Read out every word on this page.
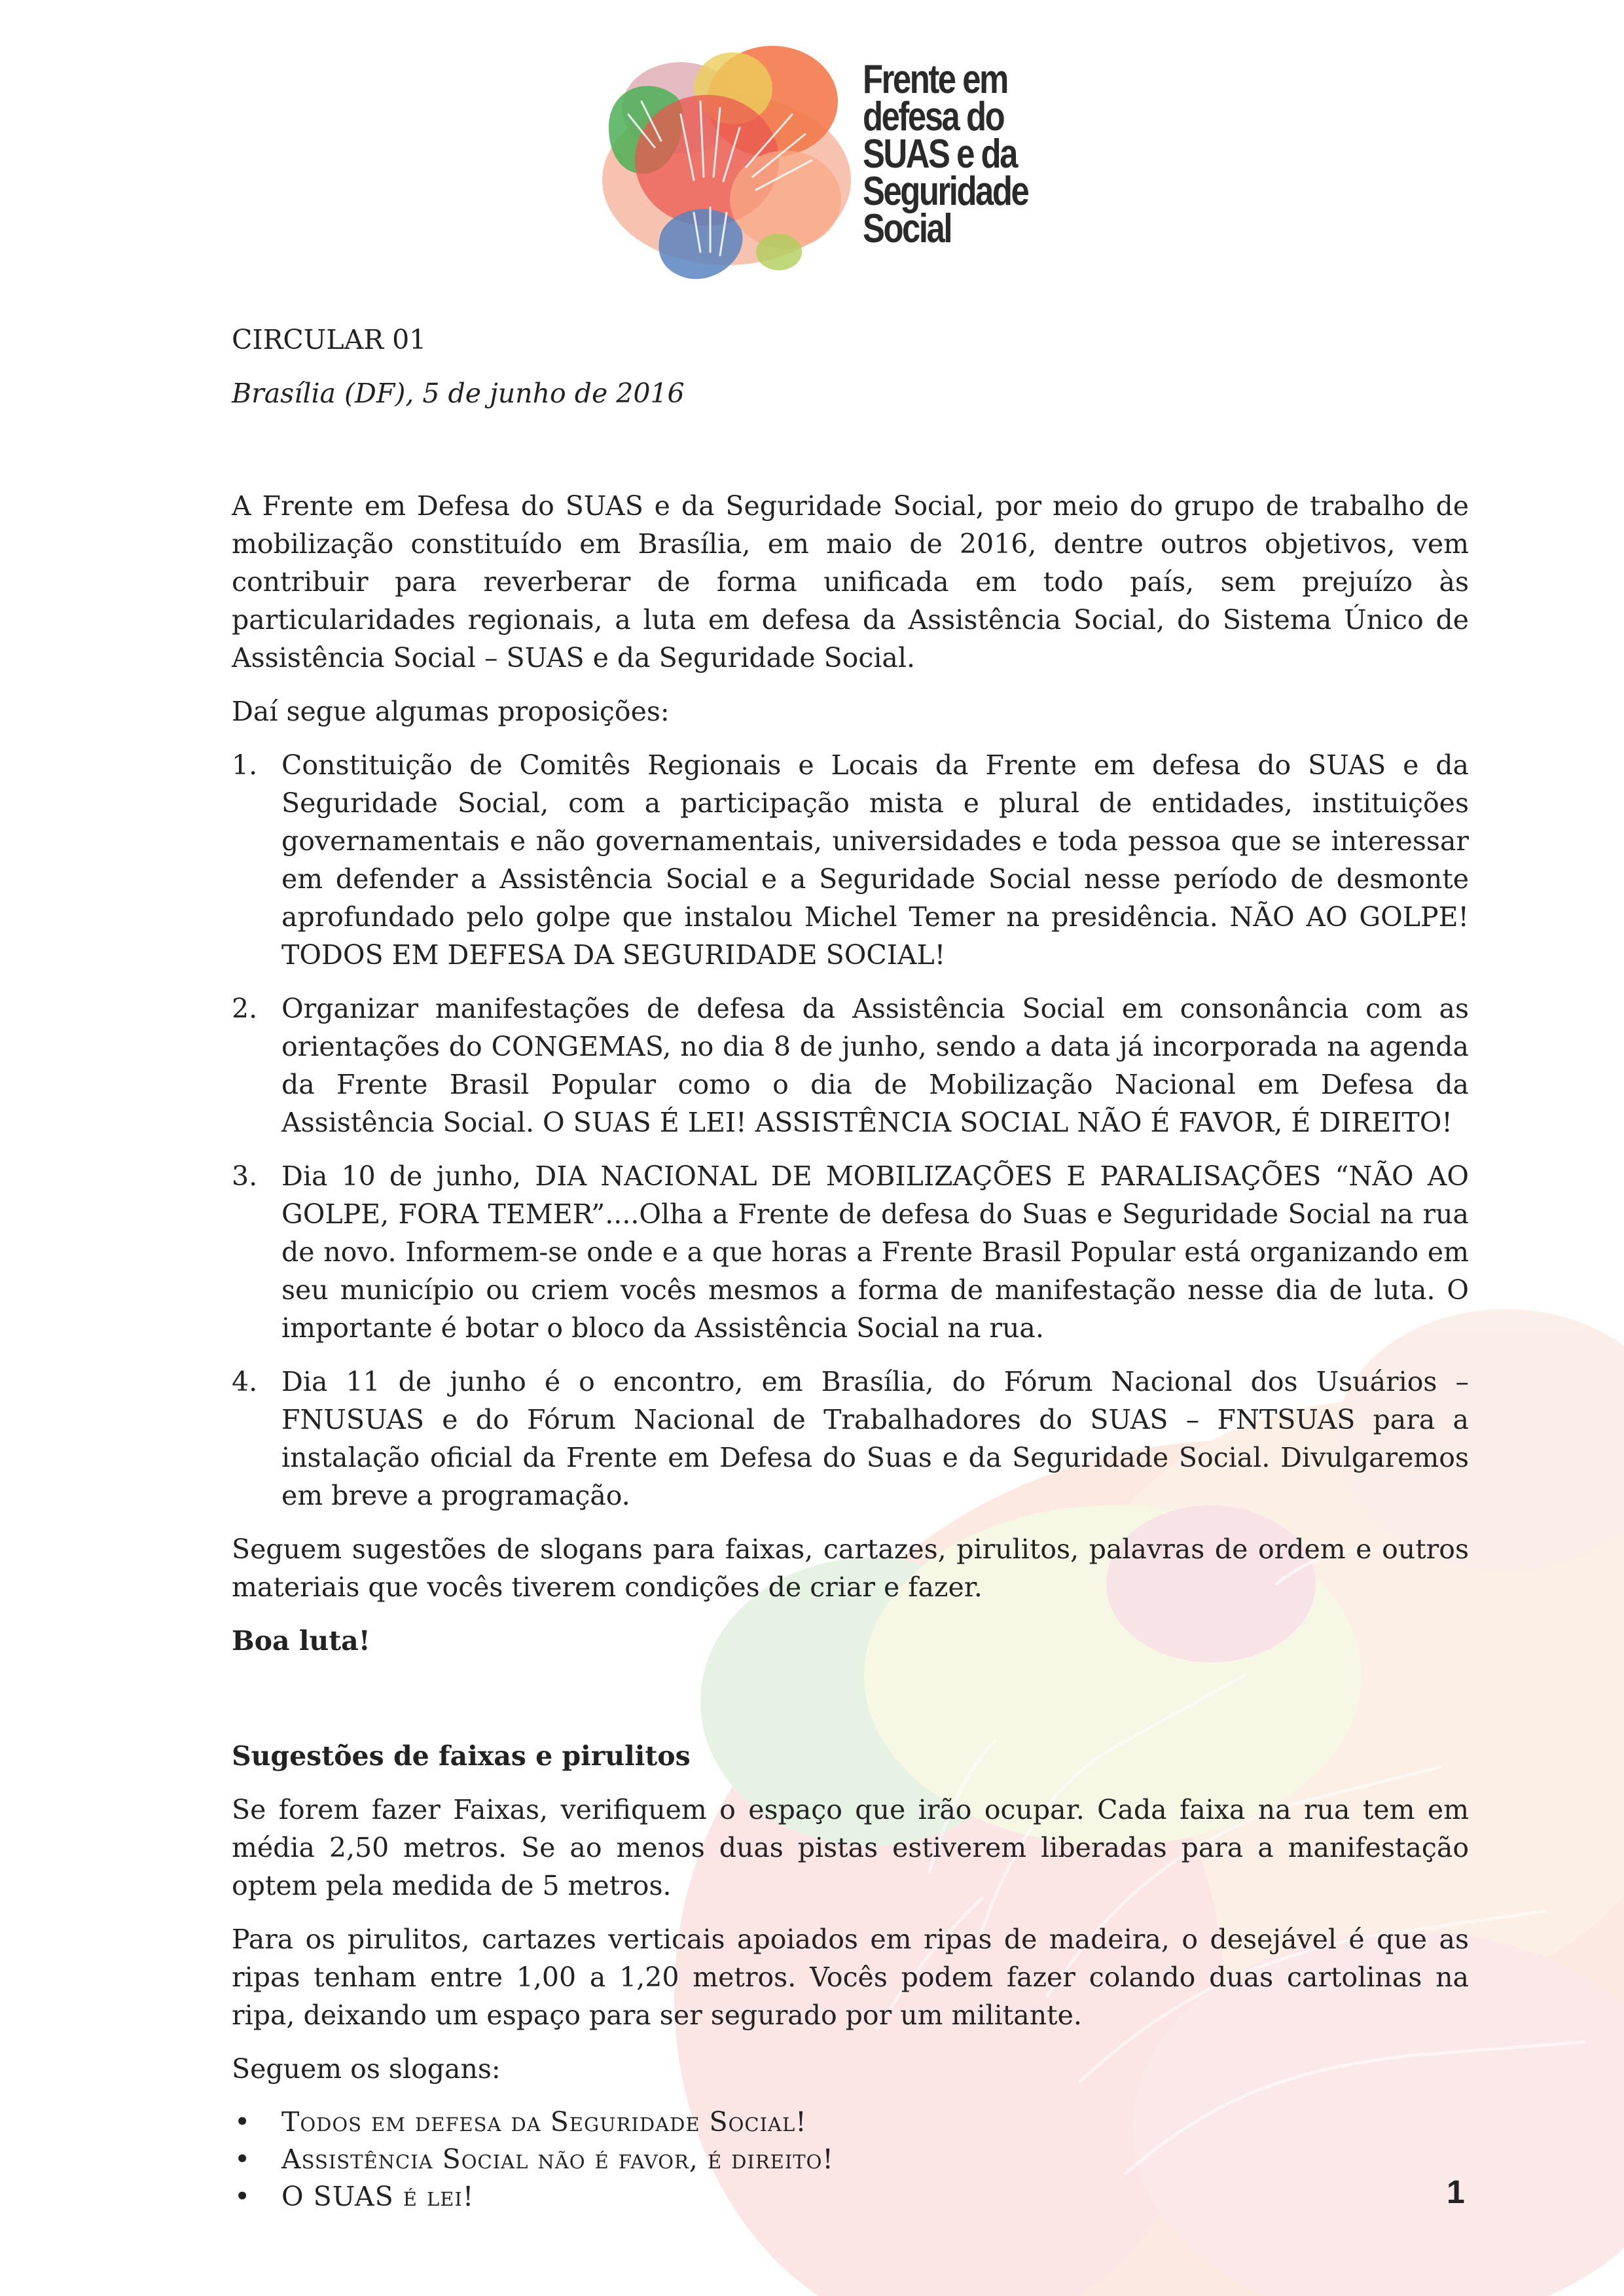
Frente em
defesa do
SUAS e da
Seguridade
Social

CIRCULAR 01

Brasília (DF), 5 de junho de 2016

A Frente em Defesa do SUAS e da Seguridade Social, por meio do grupo de trabalho de mobilização constituído em Brasília, em maio de 2016, dentre outros objetivos, vem contribuir para reverberar de forma unificada em todo país, sem prejuízo às particularidades regionais, a luta em defesa da Assistência Social, do Sistema Único de Assistência Social – SUAS e da Seguridade Social.

Daí segue algumas proposições:

1. Constituição de Comitês Regionais e Locais da Frente em defesa do SUAS e da Seguridade Social, com a participação mista e plural de entidades, instituições governamentais e não governamentais, universidades e toda pessoa que se interessar em defender a Assistência Social e a Seguridade Social nesse período de desmonte aprofundado pelo golpe que instalou Michel Temer na presidência. NÃO AO GOLPE! TODOS EM DEFESA DA SEGURIDADE SOCIAL!
2. Organizar manifestações de defesa da Assistência Social em consonância com as orientações do CONGEMAS, no dia 8 de junho, sendo a data já incorporada na agenda da Frente Brasil Popular como o dia de Mobilização Nacional em Defesa da Assistência Social. O SUAS É LEI! ASSISTÊNCIA SOCIAL NÃO É FAVOR, É DIREITO!
3. Dia 10 de junho, DIA NACIONAL DE MOBILIZAÇÕES E PARALISAÇÕES “NÃO AO GOLPE, FORA TEMER”....Olha a Frente de defesa do Suas e Seguridade Social na rua de novo. Informem-se onde e a que horas a Frente Brasil Popular está organizando em seu município ou criem vocês mesmos a forma de manifestação nesse dia de luta. O importante é botar o bloco da Assistência Social na rua.
4. Dia 11 de junho é o encontro, em Brasília, do Fórum Nacional dos Usuários – FNUSUAS e do Fórum Nacional de Trabalhadores do SUAS – FNTSUAS para a instalação oficial da Frente em Defesa do Suas e da Seguridade Social. Divulgaremos em breve a programação.

Seguem sugestões de slogans para faixas, cartazes, pirulitos, palavras de ordem e outros materiais que vocês tiverem condições de criar e fazer.

Boa luta!

Sugestões de faixas e pirulitos

Se forem fazer Faixas, verifiquem o espaço que irão ocupar. Cada faixa na rua tem em média 2,50 metros. Se ao menos duas pistas estiverem liberadas para a manifestação optem pela medida de 5 metros.

Para os pirulitos, cartazes verticais apoiados em ripas de madeira, o desejável é que as ripas tenham entre 1,00 a 1,20 metros. Vocês podem fazer colando duas cartolinas na ripa, deixando um espaço para ser segurado por um militante.

Seguem os slogans:

• Todos em defesa da Seguridade Social!
• Assistência Social não é favor, é direito!
• O SUAS é lei!	1
